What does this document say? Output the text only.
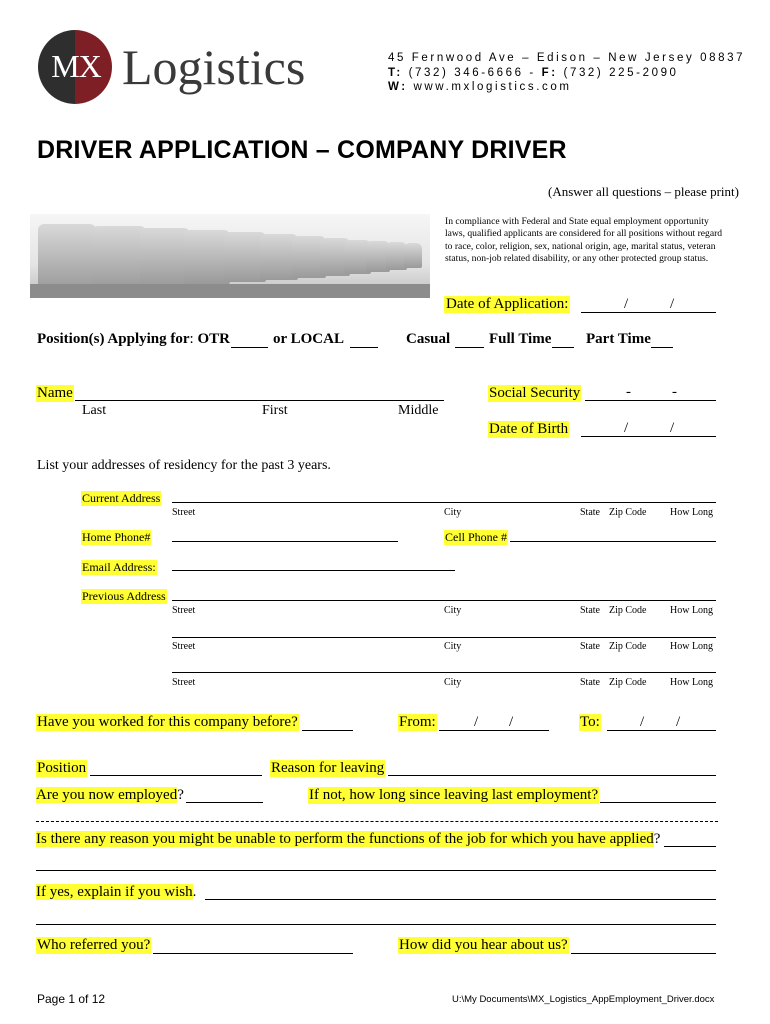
MX Logistics	45 Fernwood Ave – Edison – New Jersey 08837
T: (732) 346-6666 - F: (732) 225-2090
W: www.mxlogistics.com
DRIVER APPLICATION – COMPANY DRIVER
(Answer all questions – please print)
In compliance with Federal and State equal employment opportunity laws, qualified applicants are considered for all positions without regard to race, color, religion, sex, national origin, age, marital status, veteran status, non-job related disability, or any other protected group status.
Date of Application:	/	/
Position(s) Applying for: OTR	or LOCAL	Casual	Full Time Part Time
Name
Last	First	Middle
Social Security	-	-
Date of Birth	/	/
List your addresses of residency for the past 3 years.
Current Address
Street	City	State Zip Code How Long
Home Phone#	Cell Phone #
Email Address:
Previous Address
Street	City	State Zip Code How Long
Street	City	State Zip Code How Long
Street	City	State Zip Code How Long
Have you worked for this company before?	From:	/ /	To:	/ /
Position	Reason for leaving
Are you now employed?	If not, how long since leaving last employment?
Is there any reason you might be unable to perform the functions of the job for which you have applied?
If yes, explain if you wish.
Who referred you?	How did you hear about us?
Page 1 of 12	U:\My Documents\MX_Logistics_AppEmployment_Driver.docx
